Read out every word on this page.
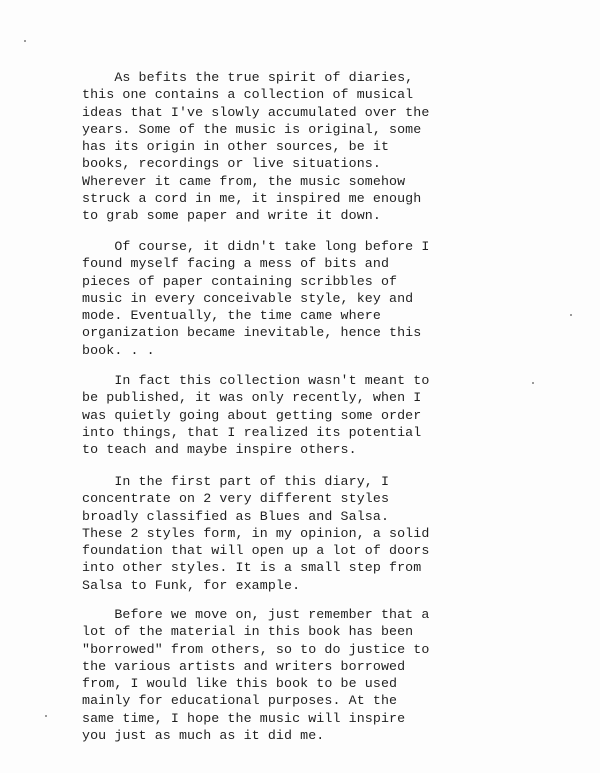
As befits the true spirit of diaries,
this one contains a collection of musical
ideas that I've slowly accumulated over the
years. Some of the music is original, some
has its origin in other sources, be it
books, recordings or live situations.
Wherever it came from, the music somehow
struck a cord in me, it inspired me enough
to grab some paper and write it down.
Of course, it didn't take long before I
found myself facing a mess of bits and
pieces of paper containing scribbles of
music in every conceivable style, key and
mode. Eventually, the time came where
organization became inevitable, hence this
book. . .
In fact this collection wasn't meant to
be published, it was only recently, when I
was quietly going about getting some order
into things, that I realized its potential
to teach and maybe inspire others.
In the first part of this diary, I
concentrate on 2 very different styles
broadly classified as Blues and Salsa.
These 2 styles form, in my opinion, a solid
foundation that will open up a lot of doors
into other styles. It is a small step from
Salsa to Funk, for example.
Before we move on, just remember that a
lot of the material in this book has been
"borrowed" from others, so to do justice to
the various artists and writers borrowed
from, I would like this book to be used
mainly for educational purposes. At the
same time, I hope the music will inspire
you just as much as it did me.
